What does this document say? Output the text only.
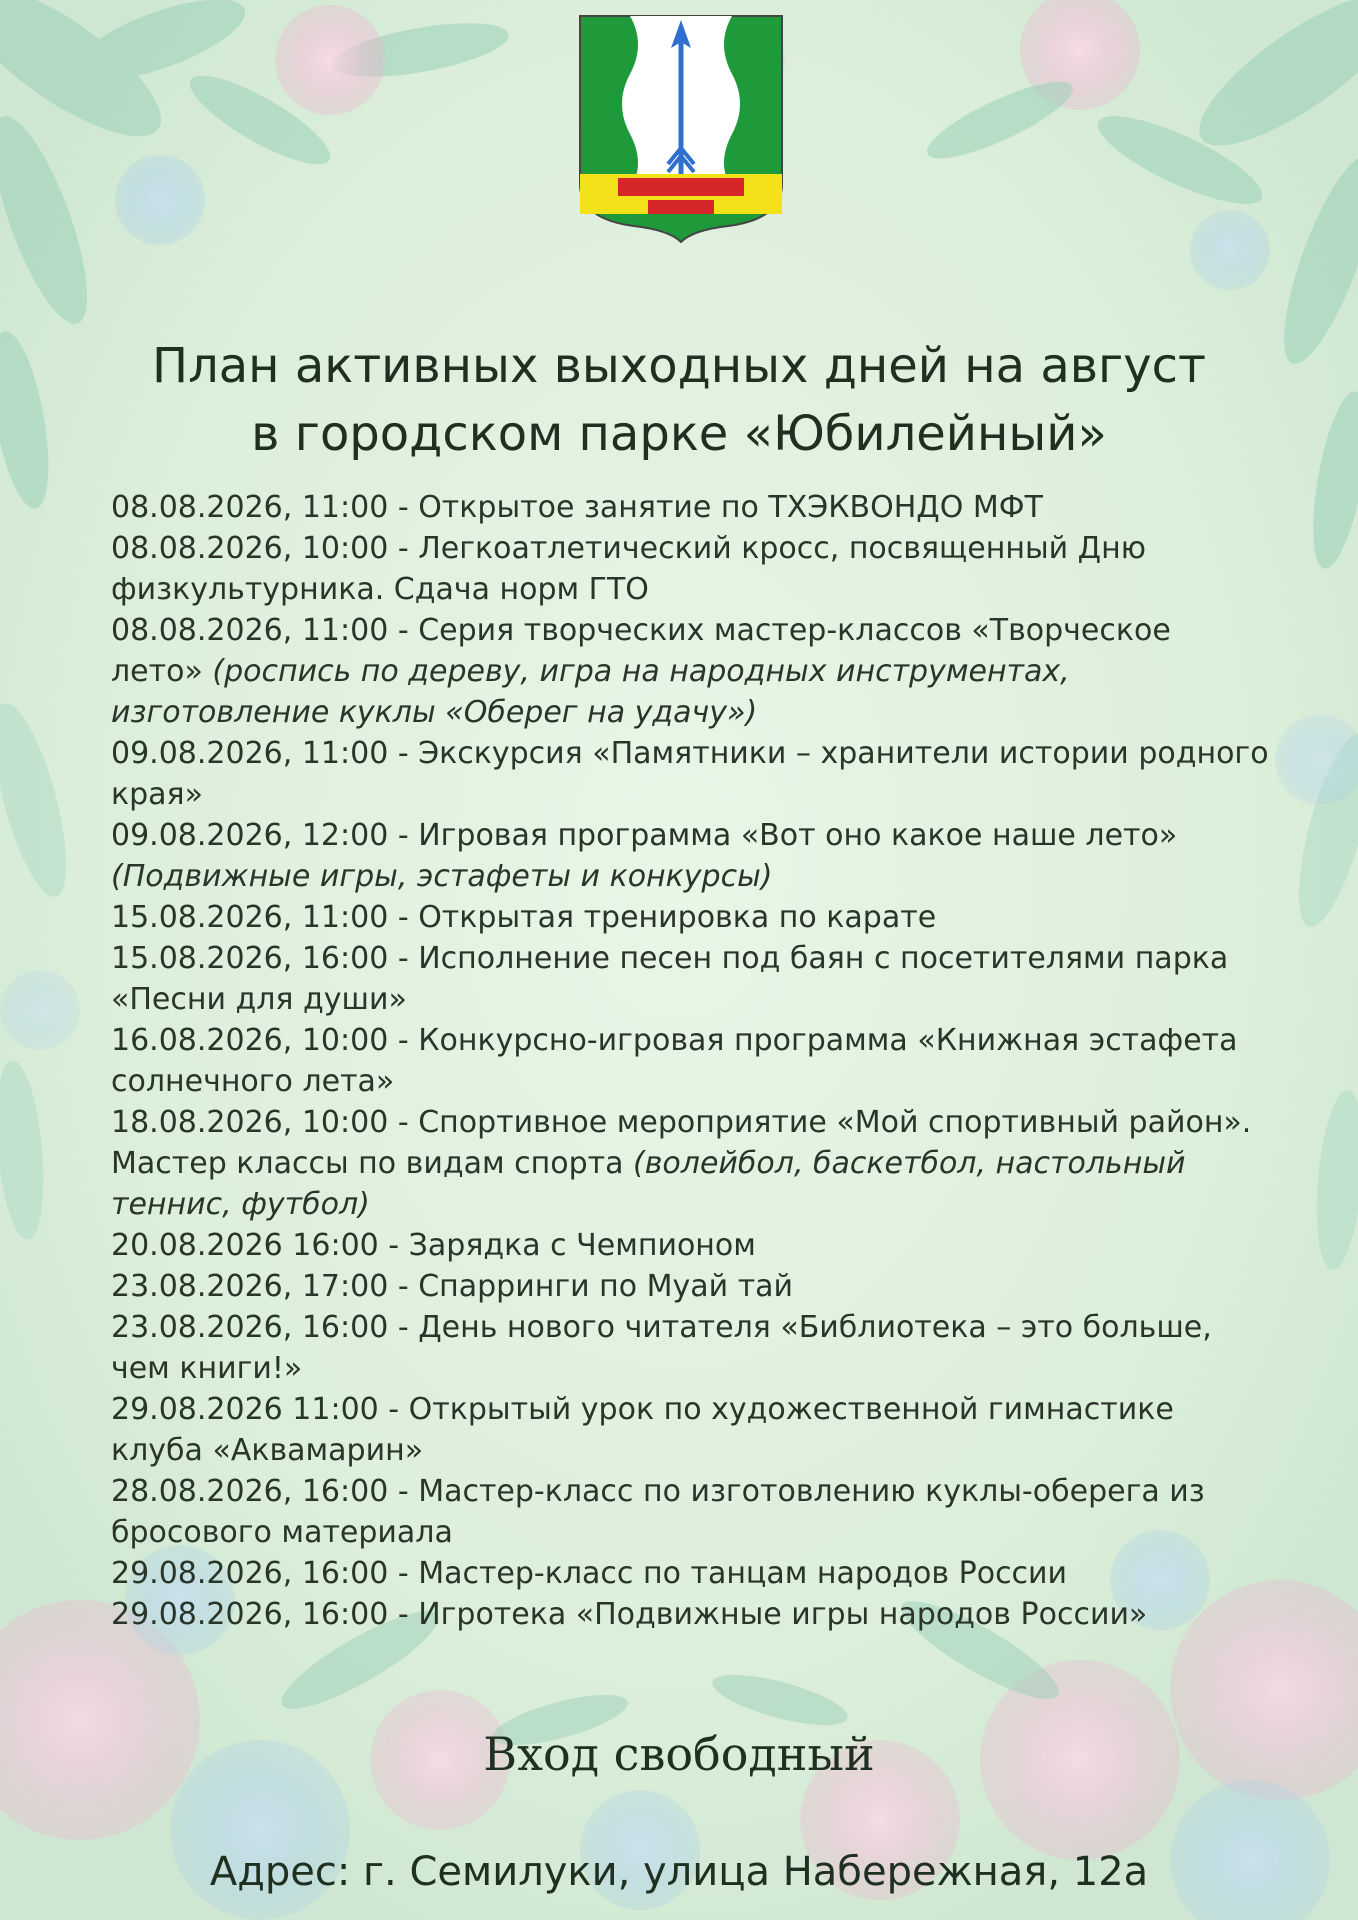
План активных выходных дней на август
в городском парке «Юбилейный»
08.08.2026, 11:00 - Открытое занятие по ТХЭКВОНДО МФТ
08.08.2026, 10:00 - Легкоатлетический кросс, посвященный Дню физкультурника. Сдача норм ГТО
08.08.2026, 11:00 - Серия творческих мастер-классов «Творческое лето» (роспись по дереву, игра на народных инструментах, изготовление куклы «Оберег на удачу»)
09.08.2026, 11:00 - Экскурсия «Памятники – хранители истории родного края»
09.08.2026, 12:00 - Игровая программа «Вот оно какое наше лето» (Подвижные игры, эстафеты и конкурсы)
15.08.2026, 11:00 - Открытая тренировка по карате
15.08.2026, 16:00 - Исполнение песен под баян с посетителями парка «Песни для души»
16.08.2026, 10:00 - Конкурсно-игровая программа «Книжная эстафета солнечного лета»
18.08.2026, 10:00 - Спортивное мероприятие «Мой спортивный район». Мастер классы по видам спорта (волейбол, баскетбол, настольный теннис, футбол)
20.08.2026 16:00 - Зарядка с Чемпионом
23.08.2026, 17:00 - Спарринги по Муай тай
23.08.2026, 16:00 - День нового читателя «Библиотека – это больше, чем книги!»
29.08.2026 11:00 - Открытый урок по художественной гимнастике клуба «Аквамарин»
28.08.2026, 16:00 - Мастер-класс по изготовлению куклы-оберега из бросового материала
29.08.2026, 16:00 - Мастер-класс по танцам народов России
29.08.2026, 16:00 - Игротека «Подвижные игры народов России»
Вход свободный
Адрес: г. Семилуки, улица Набережная, 12а
